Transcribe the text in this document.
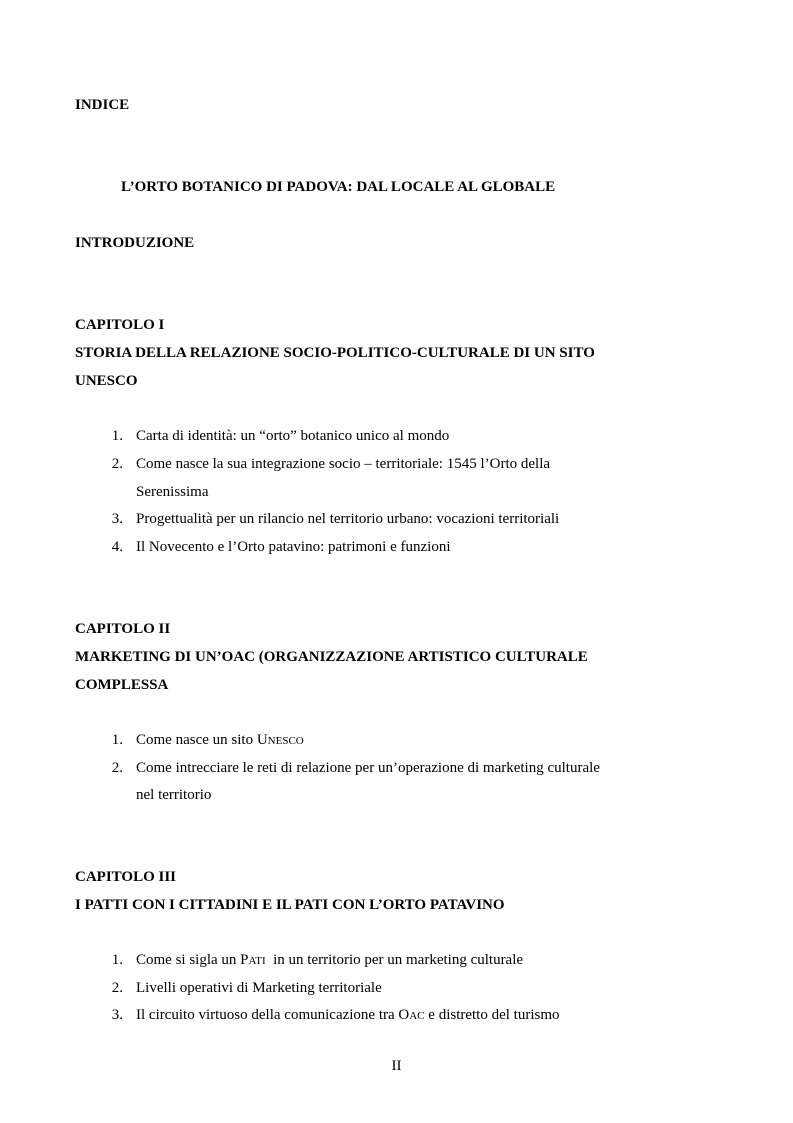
INDICE
L’ORTO BOTANICO DI PADOVA: DAL LOCALE AL GLOBALE
INTRODUZIONE
CAPITOLO I
STORIA DELLA RELAZIONE SOCIO-POLITICO-CULTURALE DI UN SITO
UNESCO
1. Carta di identità: un “orto” botanico unico al mondo
2. Come nasce la sua integrazione socio – territoriale: 1545 l’Orto della
Serenissima
3. Progettualità per un rilancio nel territorio urbano: vocazioni territoriali
4. Il Novecento e l’Orto patavino: patrimoni e funzioni
CAPITOLO II
MARKETING DI UN’OAC (ORGANIZZAZIONE ARTISTICO CULTURALE
COMPLESSA
1. Come nasce un sito Unesco
2. Come intrecciare le reti di relazione per un’operazione di marketing culturale
nel territorio
CAPITOLO III
I PATTI CON I CITTADINI E IL PATI CON L’ORTO PATAVINO
1. Come si sigla un Pati  in un territorio per un marketing culturale
2. Livelli operativi di Marketing territoriale
3. Il circuito virtuoso della comunicazione tra Oac e distretto del turismo
II
